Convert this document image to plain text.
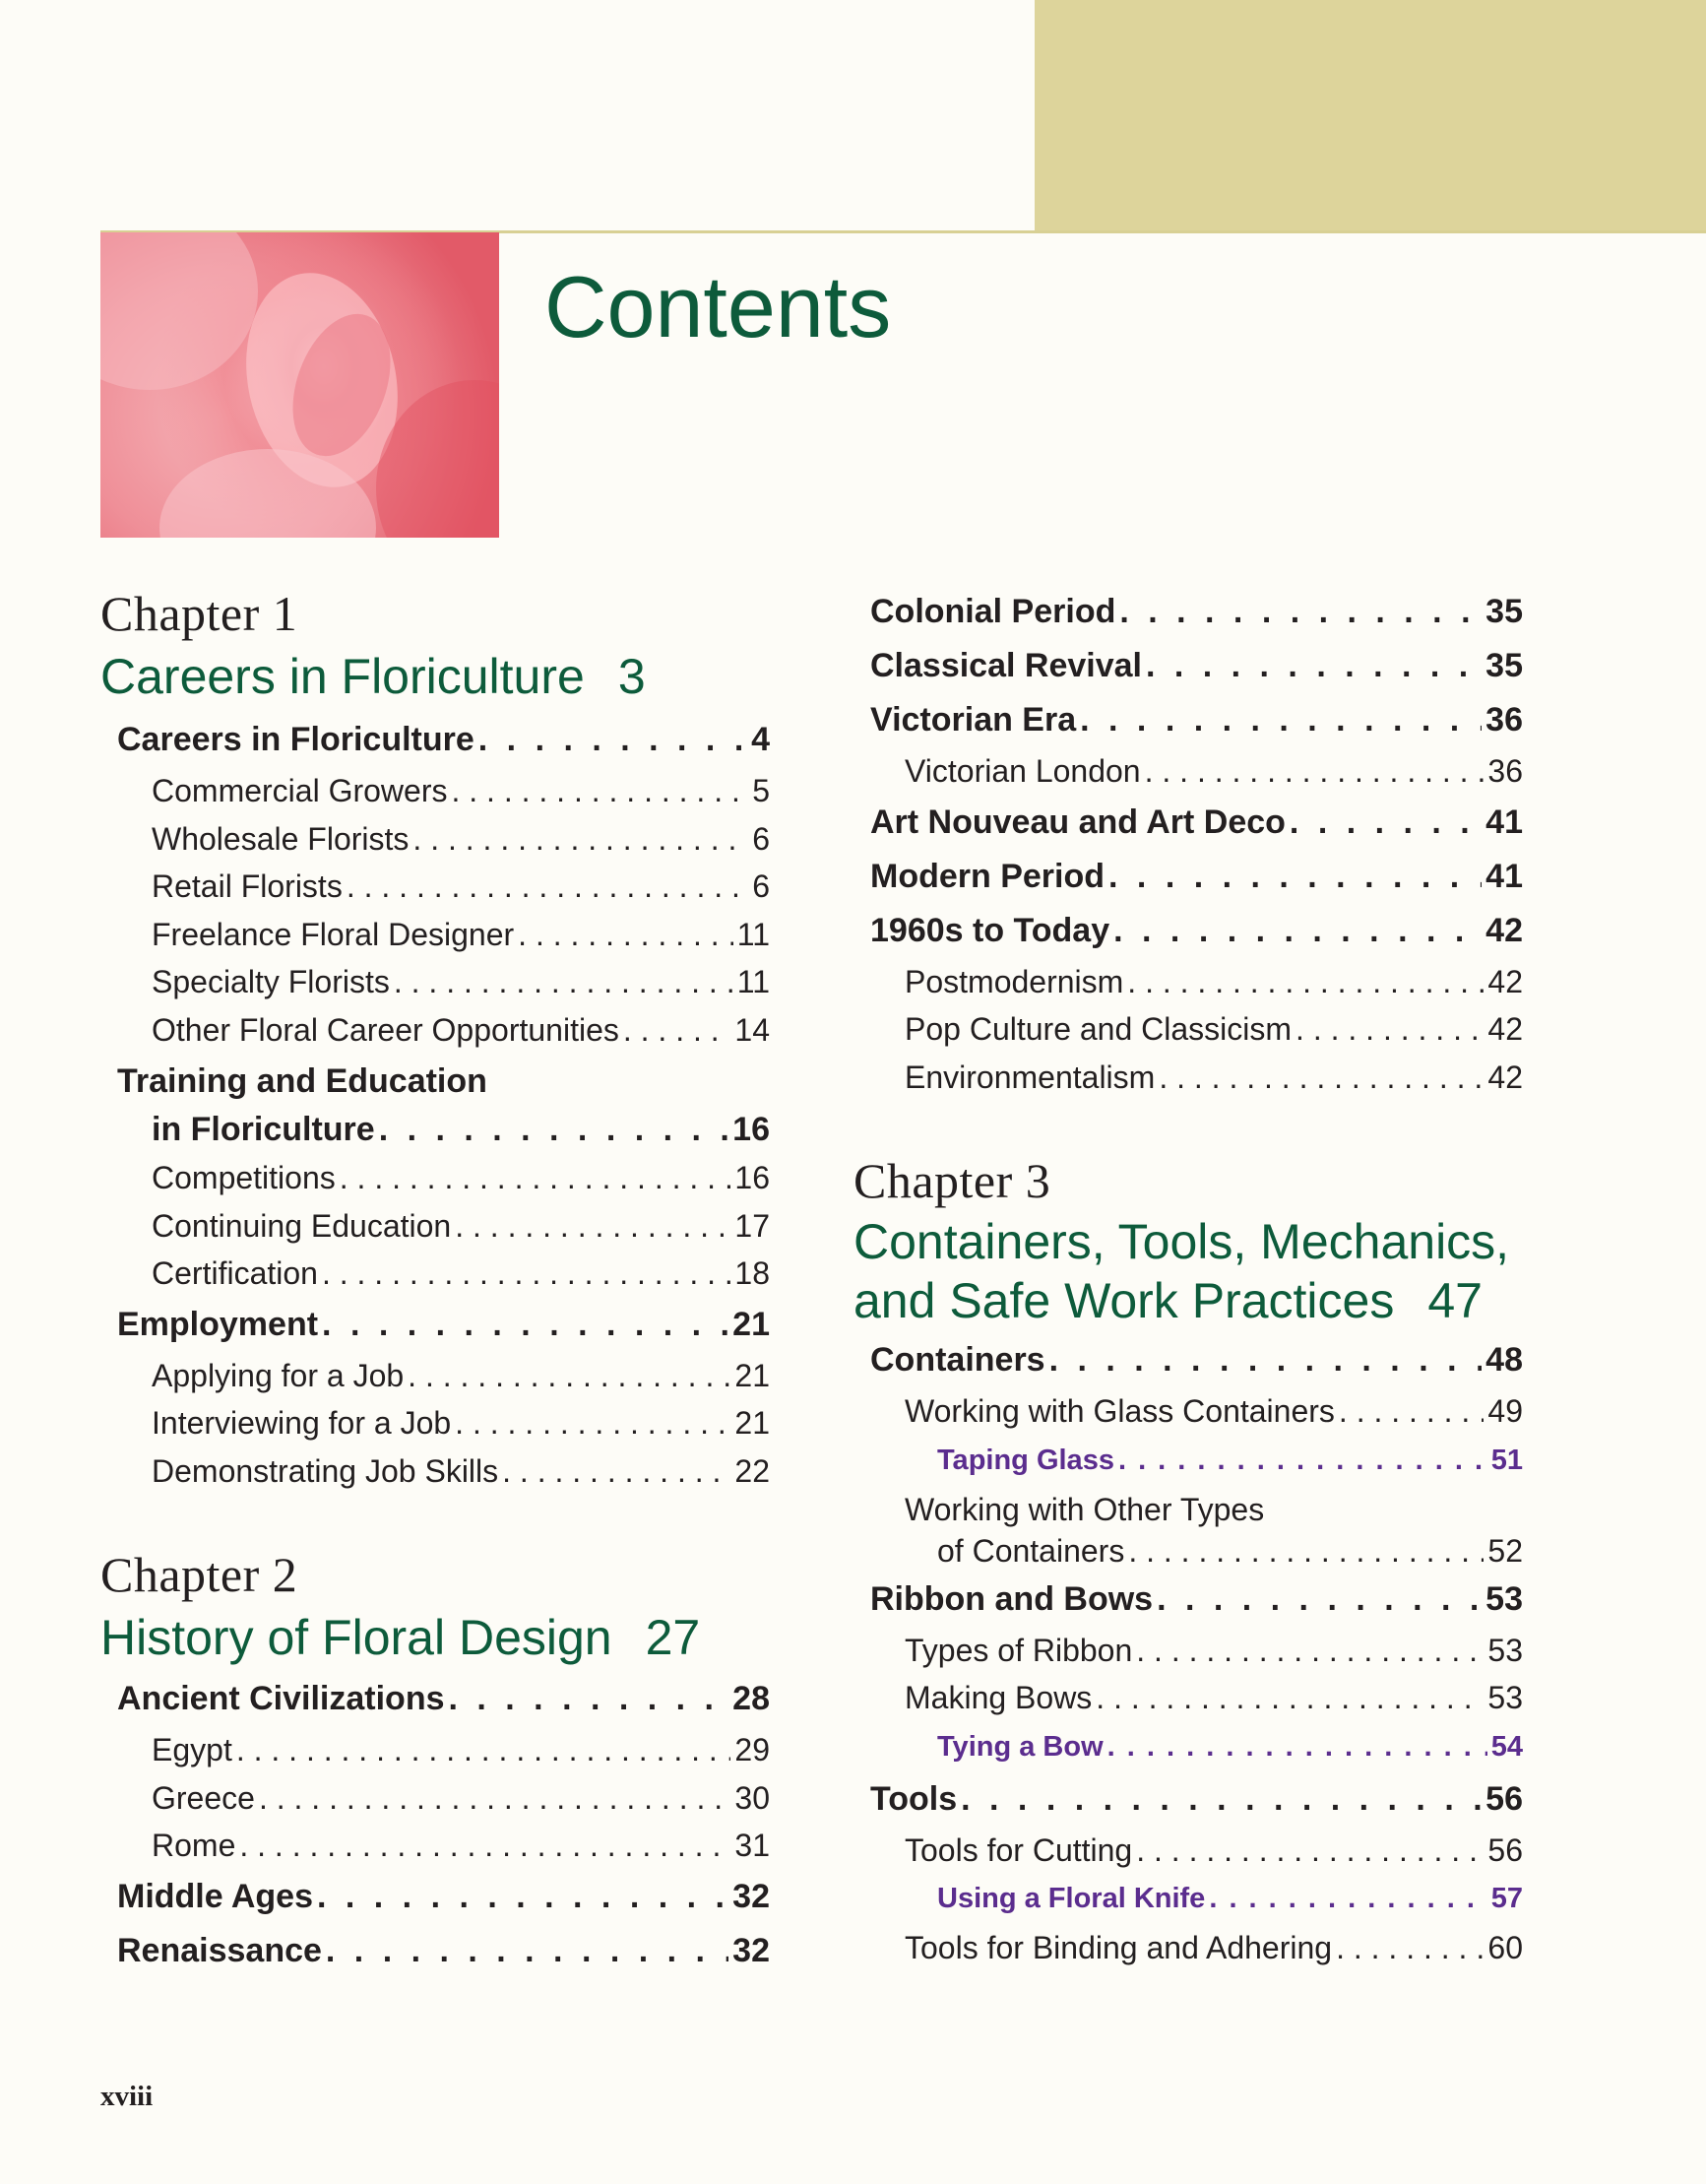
Contents
Chapter 1
Careers in Floriculture 3
Careers in Floriculture . . .	4
Commercial Growers . . .	5
Wholesale Florists . . .	6
Retail Florists . . .	6
Freelance Floral Designer . . .	11
Specialty Florists . . .	11
Other Floral Career Opportunities . . .	14
Training and Education
in Floriculture . . .	16
Competitions . . .	16
Continuing Education . . .	17
Certification . . .	18
Employment . . .	21
Applying for a Job . . .	21
Interviewing for a Job . . .	21
Demonstrating Job Skills . . .	22
Chapter 2
History of Floral Design 27
Ancient Civilizations . . .	28
Egypt . . .	29
Greece . . .	30
Rome . . .	31
Middle Ages . . .	32
Renaissance . . .	32
Colonial Period . . .	35
Classical Revival . . .	35
Victorian Era . . .	36
Victorian London . . .	36
Art Nouveau and Art Deco . . .	41
Modern Period . . .	41
1960s to Today . . .	42
Postmodernism . . .	42
Pop Culture and Classicism . . .	42
Environmentalism . . .	42
Chapter 3
Containers, Tools, Mechanics,
and Safe Work Practices 47
Containers . . .	48
Working with Glass Containers . . .	49
Taping Glass . . .	51
Working with Other Types
of Containers . . .	52
Ribbon and Bows . . .	53
Types of Ribbon . . .	53
Making Bows . . .	53
Tying a Bow . . .	54
Tools . . .	56
Tools for Cutting . . .	56
Using a Floral Knife . . .	57
Tools for Binding and Adhering . . .	60
xviii
